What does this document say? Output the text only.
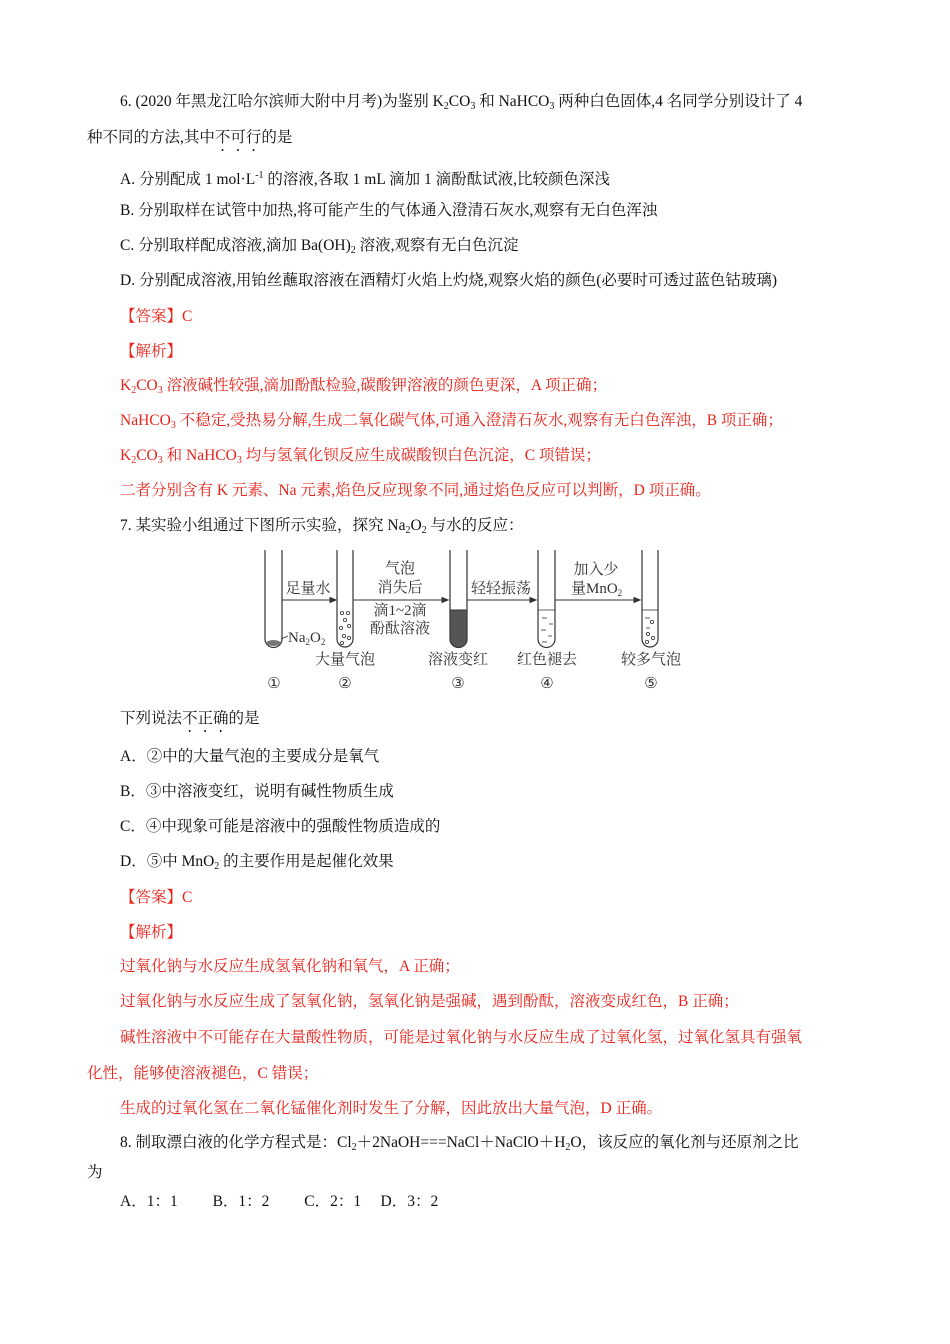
6. (2020 年黑龙江哈尔滨师大附中月考)为鉴别 $K_2CO_3$ 和 NaHCO$_3$ 两种白色固体,4 名同学分别设计了 4
种不同的方法,其中不可行的是
A. 分别配成 1 $mol\cdot L^{-1}$ 的溶液,各取 1 mL 滴加 1 滴酚酞试液,比较颜色深浅
B. 分别取样在试管中加热,将可能产生的气体通入澄清石灰水,观察有无白色浑浊
C. 分别取样配成溶液,滴加 $Ba(OH)_2$ 溶液,观察有无白色沉淀
D. 分别配成溶液,用铂丝蘸取溶液在酒精灯火焰上灼烧,观察火焰的颜色(必要时可透过蓝色钴玻璃)
【答案】C
【解析】
$K_2CO_3$ 溶液碱性较强,滴加酚酞检验,碳酸钾溶液的颜色更深，A 项正确；
NaHCO$_3$ 不稳定,受热易分解,生成二氧化碳气体,可通入澄清石灰水,观察有无白色浑浊，B 项正确；
$K_2CO_3$ 和 NaHCO$_3$ 均与氢氧化钡反应生成碳酸钡白色沉淀，C 项错误；
二者分别含有 K 元素、Na 元素,焰色反应现象不同,通过焰色反应可以判断，D 项正确。
7. 某实验小组通过下图所示实验，探究 $Na_2O_2$ 与水的反应：
下列说法不正确的是
A．②中的大量气泡的主要成分是氧气
B．③中溶液变红，说明有碱性物质生成
C．④中现象可能是溶液中的强酸性物质造成的
D．⑤中 MnO$_2$ 的主要作用是起催化效果
【答案】C
【解析】
过氧化钠与水反应生成氢氧化钠和氧气，A 正确；
过氧化钠与水反应生成了氢氧化钠，氢氧化钠是强碱，遇到酚酞，溶液变成红色，B 正确；
碱性溶液中不可能存在大量酸性物质，可能是过氧化钠与水反应生成了过氧化氢，过氧化氢具有强氧
化性，能够使溶液褪色，C 错误；
生成的过氧化氢在二氧化锰催化剂时发生了分解，因此放出大量气泡，D 正确。
8. 制取漂白液的化学方程式是：$Cl_2+2NaOH===NaCl+NaClO+H_2O$，该反应的氧化剂与还原剂之比
为
A．1：1　　 B．1：2　　 C．2：1　 D．3：2
足量水
气泡
消失后
滴1~2滴
酚酞溶液
轻轻振荡
加入少
大量气泡	溶液变红 红色褪去	较多气泡
①	②	③	④	⑤
量MnO$_2$
$Na_2O_2$
